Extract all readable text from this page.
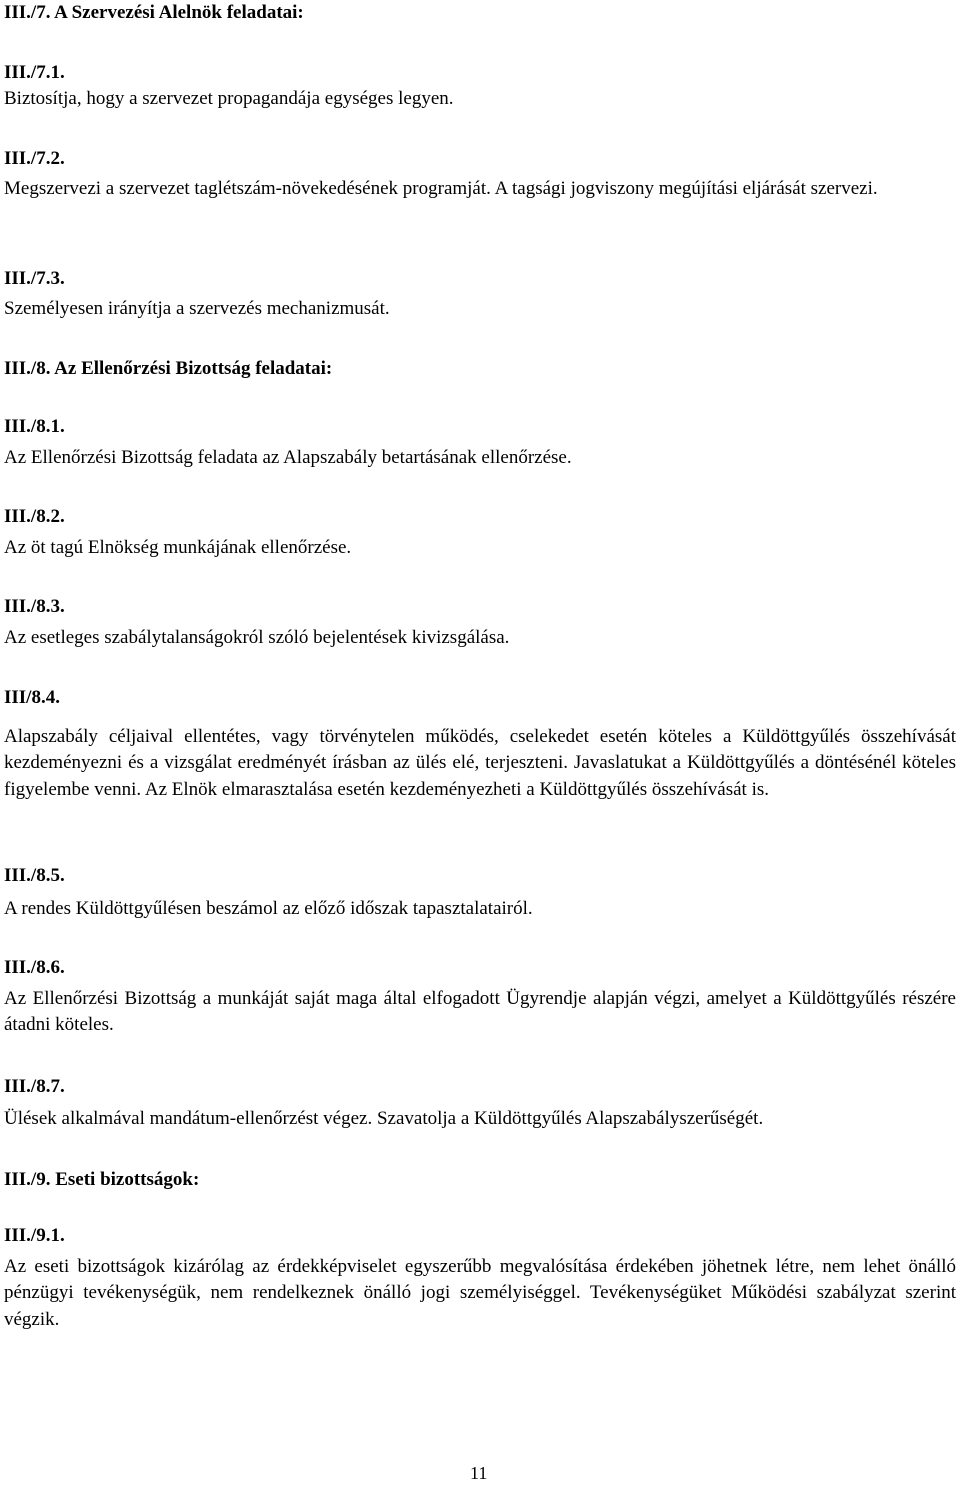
III./7. A Szervezési Alelnök feladatai:
III./7.1.
Biztosítja, hogy a szervezet propagandája egységes legyen.
III./7.2.
Megszervezi a szervezet taglétszám-növekedésének programját. A tagsági jogviszony megújítási eljárását szervezi.
III./7.3.
Személyesen irányítja a szervezés mechanizmusát.
III./8. Az Ellenőrzési Bizottság feladatai:
III./8.1.
Az Ellenőrzési Bizottság feladata az Alapszabály betartásának ellenőrzése.
III./8.2.
Az öt tagú Elnökség munkájának ellenőrzése.
III./8.3.
Az esetleges szabálytalanságokról szóló bejelentések kivizsgálása.
III/8.4.
Alapszabály céljaival ellentétes, vagy törvénytelen működés, cselekedet esetén köteles a Küldöttgyűlés összehívását kezdeményezni és a vizsgálat eredményét írásban az ülés elé, terjeszteni. Javaslatukat a Küldöttgyűlés a döntésénél köteles figyelembe venni. Az Elnök elmarasztalása esetén kezdeményezheti a Küldöttgyűlés összehívását is.
III./8.5.
A rendes Küldöttgyűlésen beszámol az előző időszak tapasztalatairól.
III./8.6.
Az Ellenőrzési Bizottság a munkáját saját maga által elfogadott Ügyrendje alapján végzi, amelyet a Küldöttgyűlés részére átadni köteles.
III./8.7.
Ülések alkalmával mandátum-ellenőrzést végez. Szavatolja a Küldöttgyűlés Alapszabályszerűségét.
III./9. Eseti bizottságok:
III./9.1.
Az eseti bizottságok kizárólag az érdekképviselet egyszerűbb megvalósítása érdekében jöhetnek létre, nem lehet önálló pénzügyi tevékenységük, nem rendelkeznek önálló jogi személyiséggel. Tevékenységüket Működési szabályzat szerint végzik.
11
